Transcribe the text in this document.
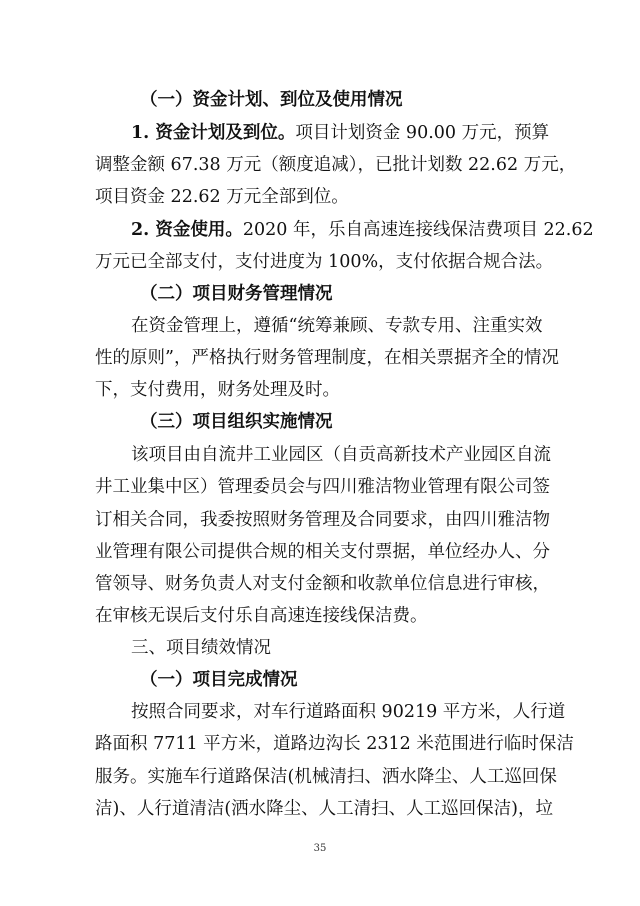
（一）资金计划、到位及使用情况
1. 资金计划及到位。项目计划资金 90.00 万元，预算
调整金额 67.38 万元（额度追减），已批计划数 22.62 万元，
项目资金 22.62 万元全部到位。
2. 资金使用。2020 年，乐自高速连接线保洁费项目 22.62
万元已全部支付，支付进度为 100%，支付依据合规合法。
（二）项目财务管理情况
在资金管理上，遵循“统筹兼顾、专款专用、注重实效
性的原则”，严格执行财务管理制度，在相关票据齐全的情况
下，支付费用，财务处理及时。
（三）项目组织实施情况
该项目由自流井工业园区（自贡高新技术产业园区自流
井工业集中区）管理委员会与四川雅洁物业管理有限公司签
订相关合同，我委按照财务管理及合同要求，由四川雅洁物
业管理有限公司提供合规的相关支付票据，单位经办人、分
管领导、财务负责人对支付金额和收款单位信息进行审核，
在审核无误后支付乐自高速连接线保洁费。
三、项目绩效情况
（一）项目完成情况
按照合同要求，对车行道路面积 90219 平方米，人行道
路面积 7711 平方米，道路边沟长 2312 米范围进行临时保洁
服务。实施车行道路保洁(机械清扫、洒水降尘、人工巡回保
洁)、人行道清洁(洒水降尘、人工清扫、人工巡回保洁)，垃
35
